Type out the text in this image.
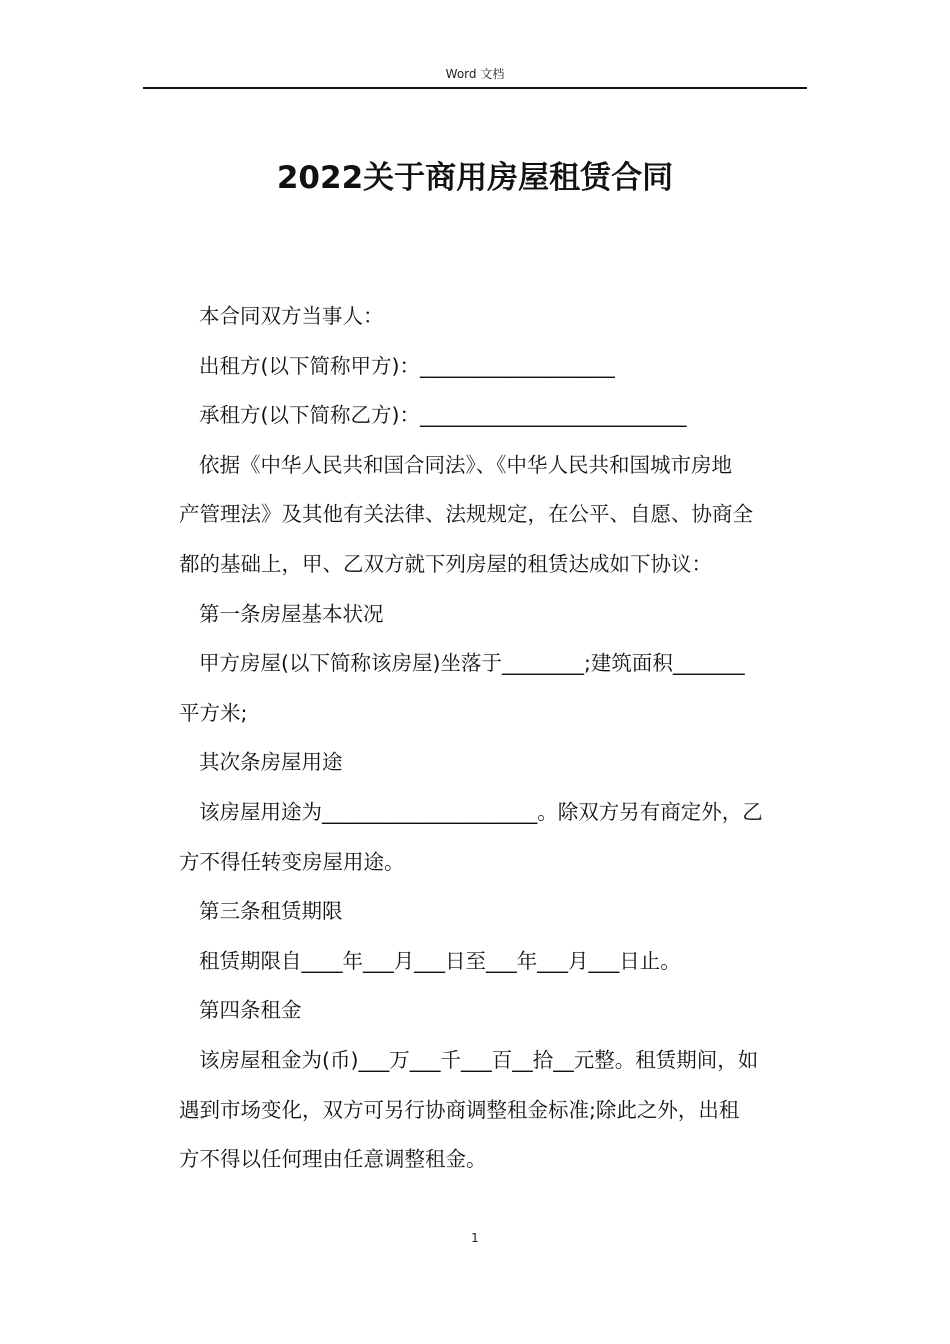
Word 文档
2022关于商用房屋租赁合同

本合同双方当事人：

出租方(以下简称甲方)：___________________

承租方(以下简称乙方)：__________________________

依据《中华人民共和国合同法》、《中华人民共和国城市房地

产管理法》及其他有关法律、法规规定，在公平、自愿、协商全

都的基础上，甲、乙双方就下列房屋的租赁达成如下协议：

第一条房屋基本状况

甲方房屋(以下简称该房屋)坐落于________;建筑面积_______

平方米;

其次条房屋用途

该房屋用途为_____________________。除双方另有商定外，乙

方不得任转变房屋用途。

第三条租赁期限

租赁期限自____年___月___日至___年___月___日止。

第四条租金

该房屋租金为(币)___万___千___百__拾__元整。租赁期间，如

遇到市场变化，双方可另行协商调整租金标准;除此之外，出租

方不得以任何理由任意调整租金。

1
